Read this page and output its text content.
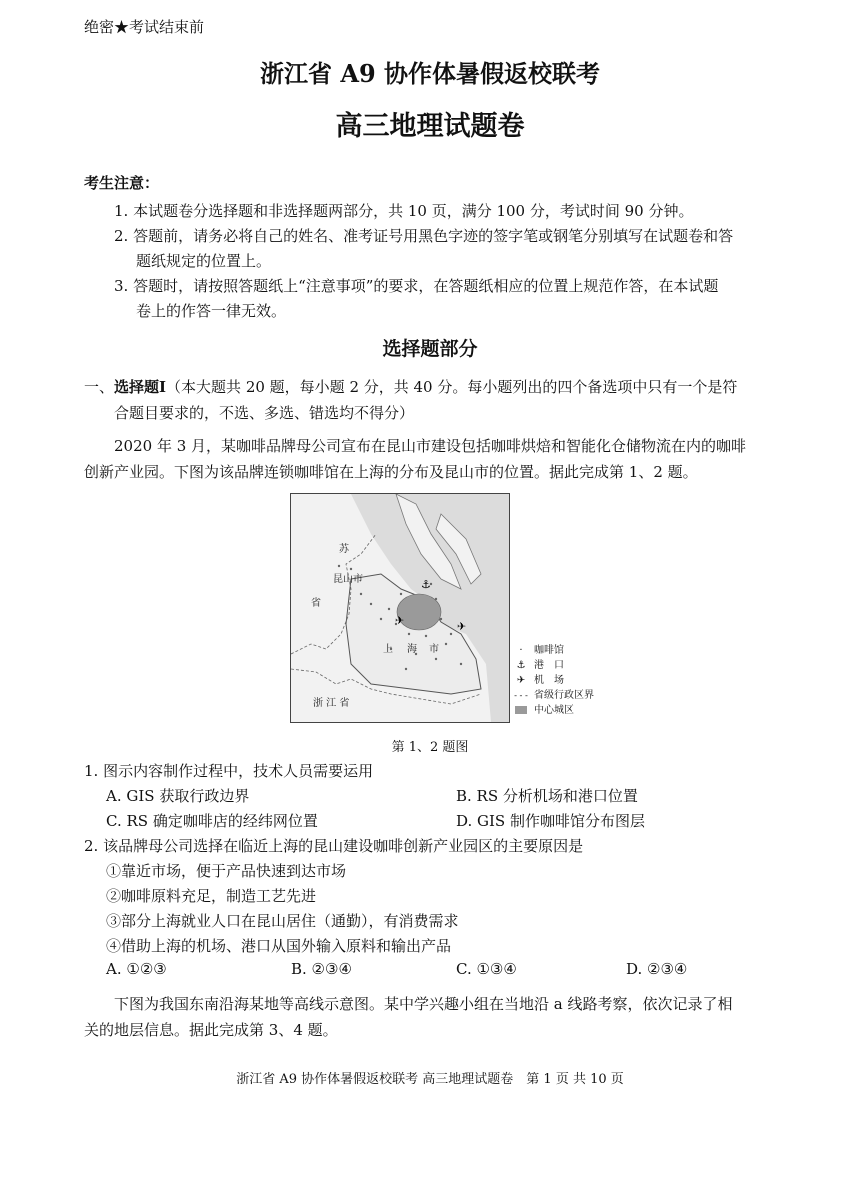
绝密★考试结束前
浙江省 A9 协作体暑假返校联考
高三地理试题卷
考生注意：
1. 本试题卷分选择题和非选择题两部分，共 10 页，满分 100 分，考试时间 90 分钟。
2. 答题前，请务必将自己的姓名、准考证号用黑色字迹的签字笔或钢笔分别填写在试题卷和答
题纸规定的位置上。
3. 答题时，请按照答题纸上“注意事项”的要求，在答题纸相应的位置上规范作答，在本试题
卷上的作答一律无效。
选择题部分
一、选择题Ⅰ（本大题共 20 题，每小题 2 分，共 40 分。每小题列出的四个备选项中只有一个是符
合题目要求的，不选、多选、错选均不得分）
2020 年 3 月，某咖啡品牌母公司宣布在昆山市建设包括咖啡烘焙和智能化仓储物流在内的咖啡
创新产业园。下图为该品牌连锁咖啡馆在上海的分布及昆山市的位置。据此完成第 1、2 题。
⚓
✈	✈
苏
昆山市
省
上 海 市
浙 江 省
· 咖啡馆
⚓ 港　口
✈ 机　场
- - - 省级行政区界
中心城区
第 1、2 题图
1. 图示内容制作过程中，技术人员需要运用
A. GIS 获取行政边界	B. RS 分析机场和港口位置
C. RS 确定咖啡店的经纬网位置	D. GIS 制作咖啡馆分布图层
2. 该品牌母公司选择在临近上海的昆山建设咖啡创新产业园区的主要原因是
①靠近市场，便于产品快速到达市场
②咖啡原料充足，制造工艺先进
③部分上海就业人口在昆山居住（通勤），有消费需求
④借助上海的机场、港口从国外输入原料和输出产品
A. ①②③	B. ②③④	C. ①③④	D. ②③④
下图为我国东南沿海某地等高线示意图。某中学兴趣小组在当地沿 a 线路考察，依次记录了相
关的地层信息。据此完成第 3、4 题。
浙江省 A9 协作体暑假返校联考 高三地理试题卷　第 1 页 共 10 页
